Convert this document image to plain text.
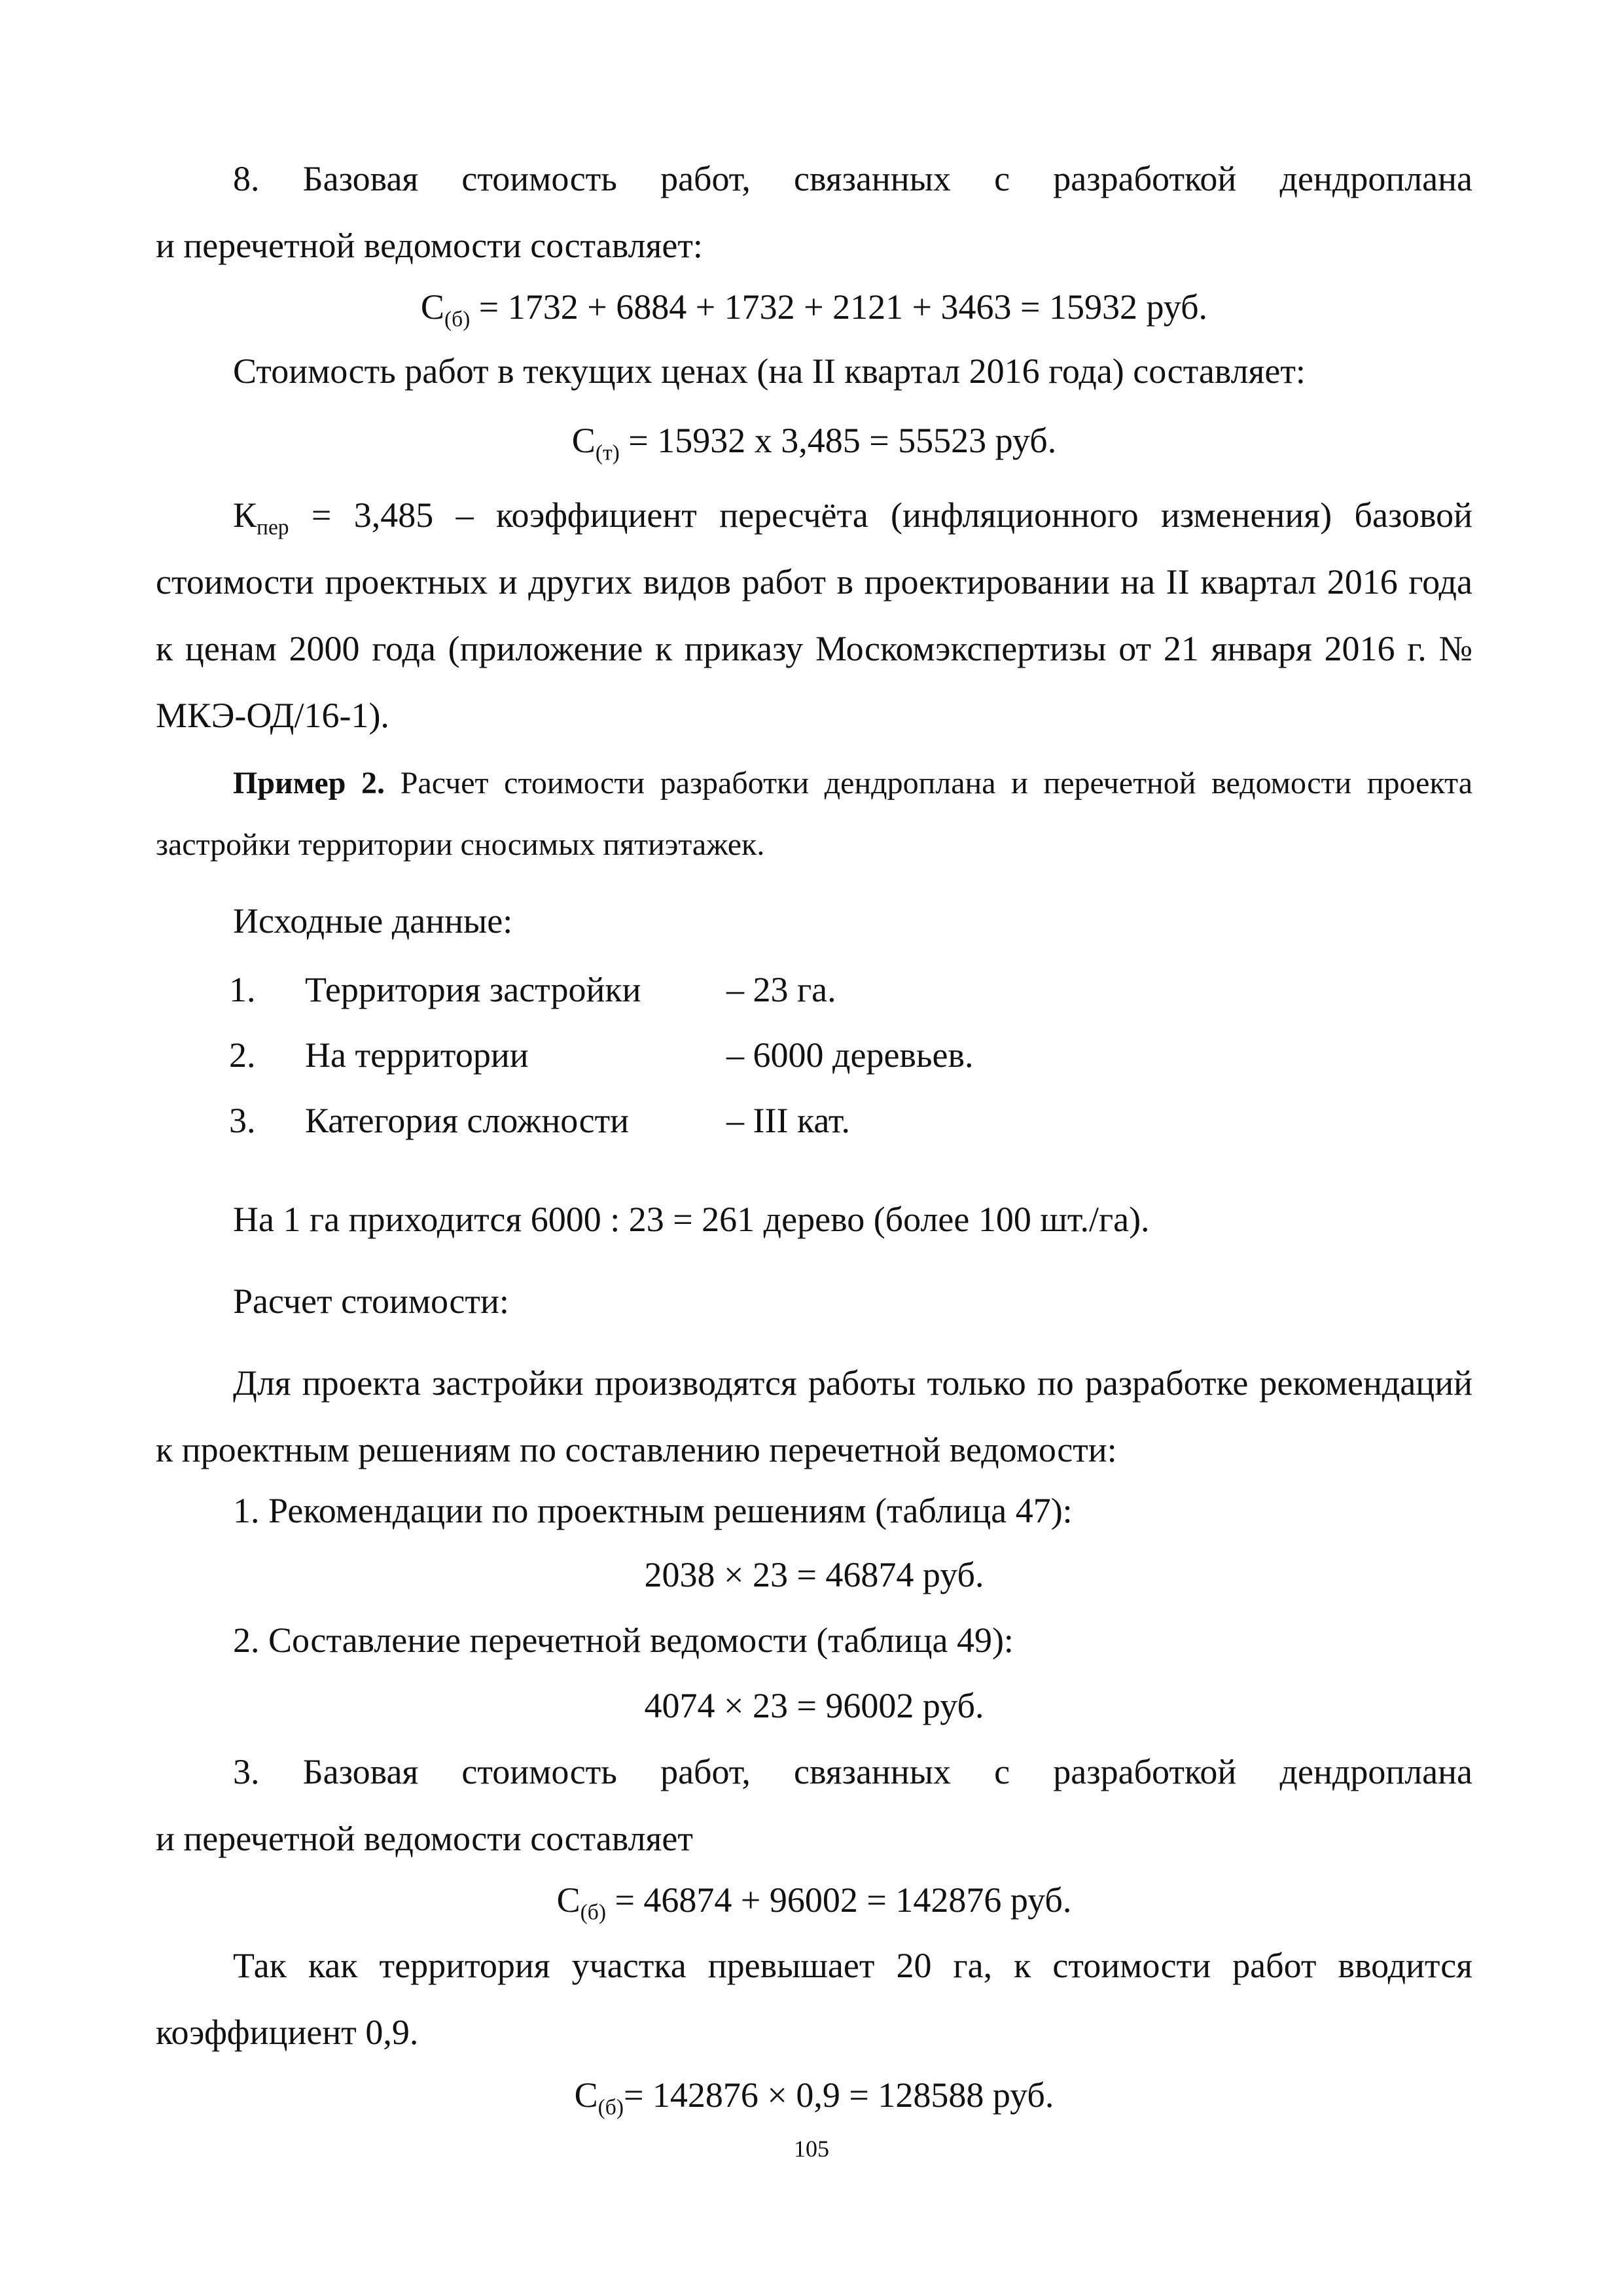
8. Базовая стоимость работ, связанных с разработкой дендроплана

и перечетной ведомости составляет:

$С_{(б)} = 1732 + 6884 + 1732 + 2121 + 3463 = 15932$ руб.

Стоимость работ в текущих ценах (на II квартал 2016 года) составляет:

$С_{(т)} = 15932$ x 3,485 = 55523 руб.

$К_{пер} = 3,485$ – коэффициент пересчёта (инфляционного изменения) базовой стоимости проектных и других видов работ в проектировании на II квартал 2016 года к ценам 2000 года (приложение к приказу Москомэкспертизы от 21 января 2016 г. № МКЭ-ОД/16-1).

Пример 2. Расчет стоимости разработки дендроплана и перечетной ведомости проекта застройки территории сносимых пятиэтажек.

Исходные данные:

1. Территория застройки – 23 га.
2. На территории	– 6000 деревьев.
3. Категория сложности	– III кат.

На 1 га приходится 6000 : 23 = 261 дерево (более 100 шт./га).

Расчет стоимости:

Для проекта застройки производятся работы только по разработке рекомендаций к проектным решениям по составлению перечетной ведомости:

1. Рекомендации по проектным решениям (таблица 47):

2038 × 23 = 46874 руб.

2. Составление перечетной ведомости (таблица 49):

4074 × 23 = 96002 руб.

3. Базовая стоимость работ, связанных с разработкой дендроплана

и перечетной ведомости составляет

$С_{(б)} = 46874 + 96002 = 142876$ руб.

Так как территория участка превышает 20 га, к стоимости работ вводится коэффициент 0,9.

$С_{(б)}= 142876 \times 0,9 = 128588$ руб.

105
